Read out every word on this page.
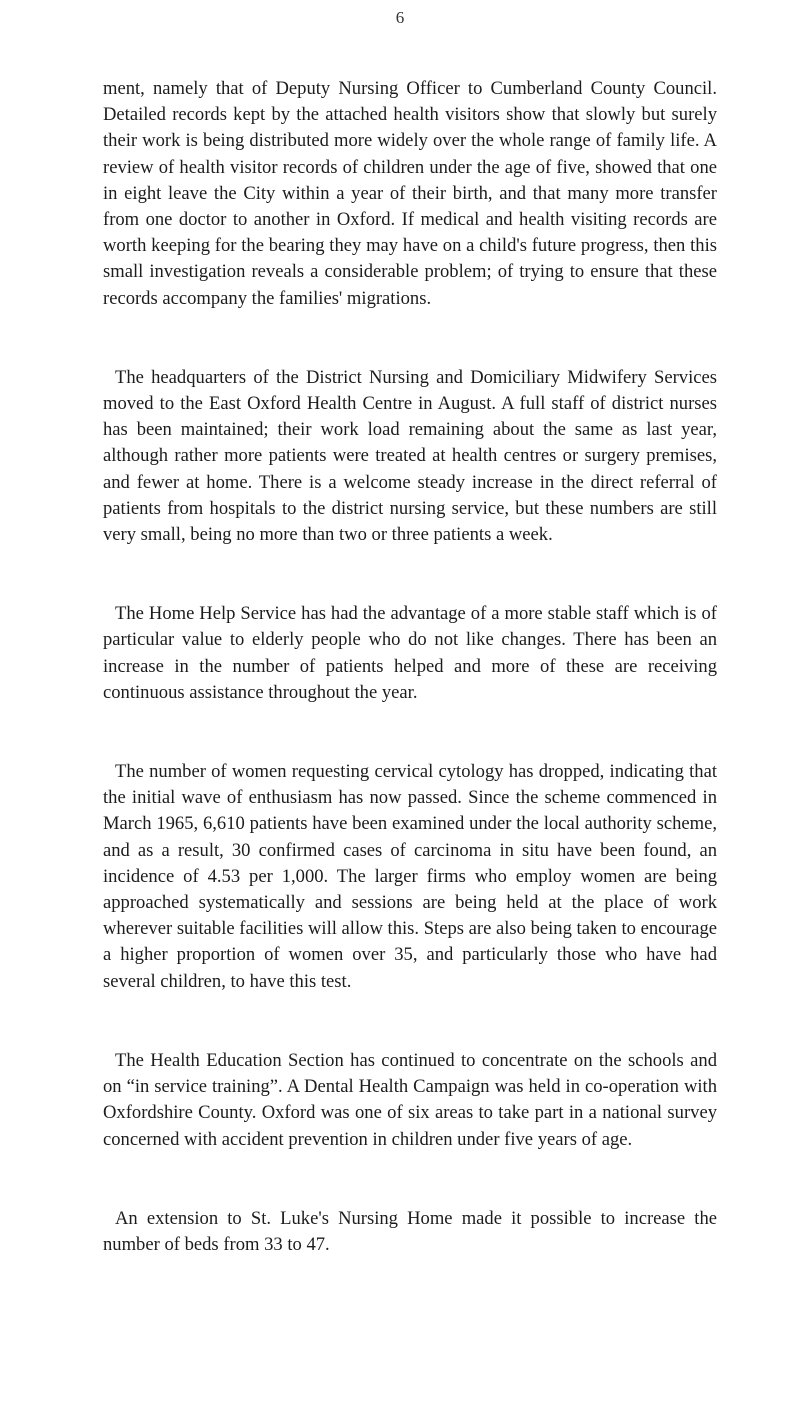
6

ment, namely that of Deputy Nursing Officer to Cumberland County Council. Detailed records kept by the attached health visitors show that slowly but surely their work is being distributed more widely over the whole range of family life. A review of health visitor records of children under the age of five, showed that one in eight leave the City within a year of their birth, and that many more transfer from one doctor to another in Oxford. If medical and health visiting records are worth keeping for the bearing they may have on a child's future progress, then this small investigation reveals a considerable problem; of trying to ensure that these records accompany the families' migrations.

The headquarters of the District Nursing and Domiciliary Midwifery Services moved to the East Oxford Health Centre in August. A full staff of district nurses has been maintained; their work load remaining about the same as last year, although rather more patients were treated at health centres or surgery premises, and fewer at home. There is a welcome steady increase in the direct referral of patients from hospitals to the district nursing service, but these numbers are still very small, being no more than two or three patients a week.

The Home Help Service has had the advantage of a more stable staff which is of particular value to elderly people who do not like changes. There has been an increase in the number of patients helped and more of these are receiving continuous assistance throughout the year.

The number of women requesting cervical cytology has dropped, indicating that the initial wave of enthusiasm has now passed. Since the scheme commenced in March 1965, 6,610 patients have been examined under the local authority scheme, and as a result, 30 confirmed cases of carcinoma in situ have been found, an incidence of 4.53 per 1,000. The larger firms who employ women are being approached systematically and sessions are being held at the place of work wherever suitable facilities will allow this. Steps are also being taken to encourage a higher proportion of women over 35, and particularly those who have had several children, to have this test.

The Health Education Section has continued to concentrate on the schools and on “in service training”. A Dental Health Campaign was held in co-operation with Oxfordshire County. Oxford was one of six areas to take part in a national survey concerned with accident prevention in children under five years of age.

An extension to St. Luke's Nursing Home made it possible to increase the number of beds from 33 to 47.
